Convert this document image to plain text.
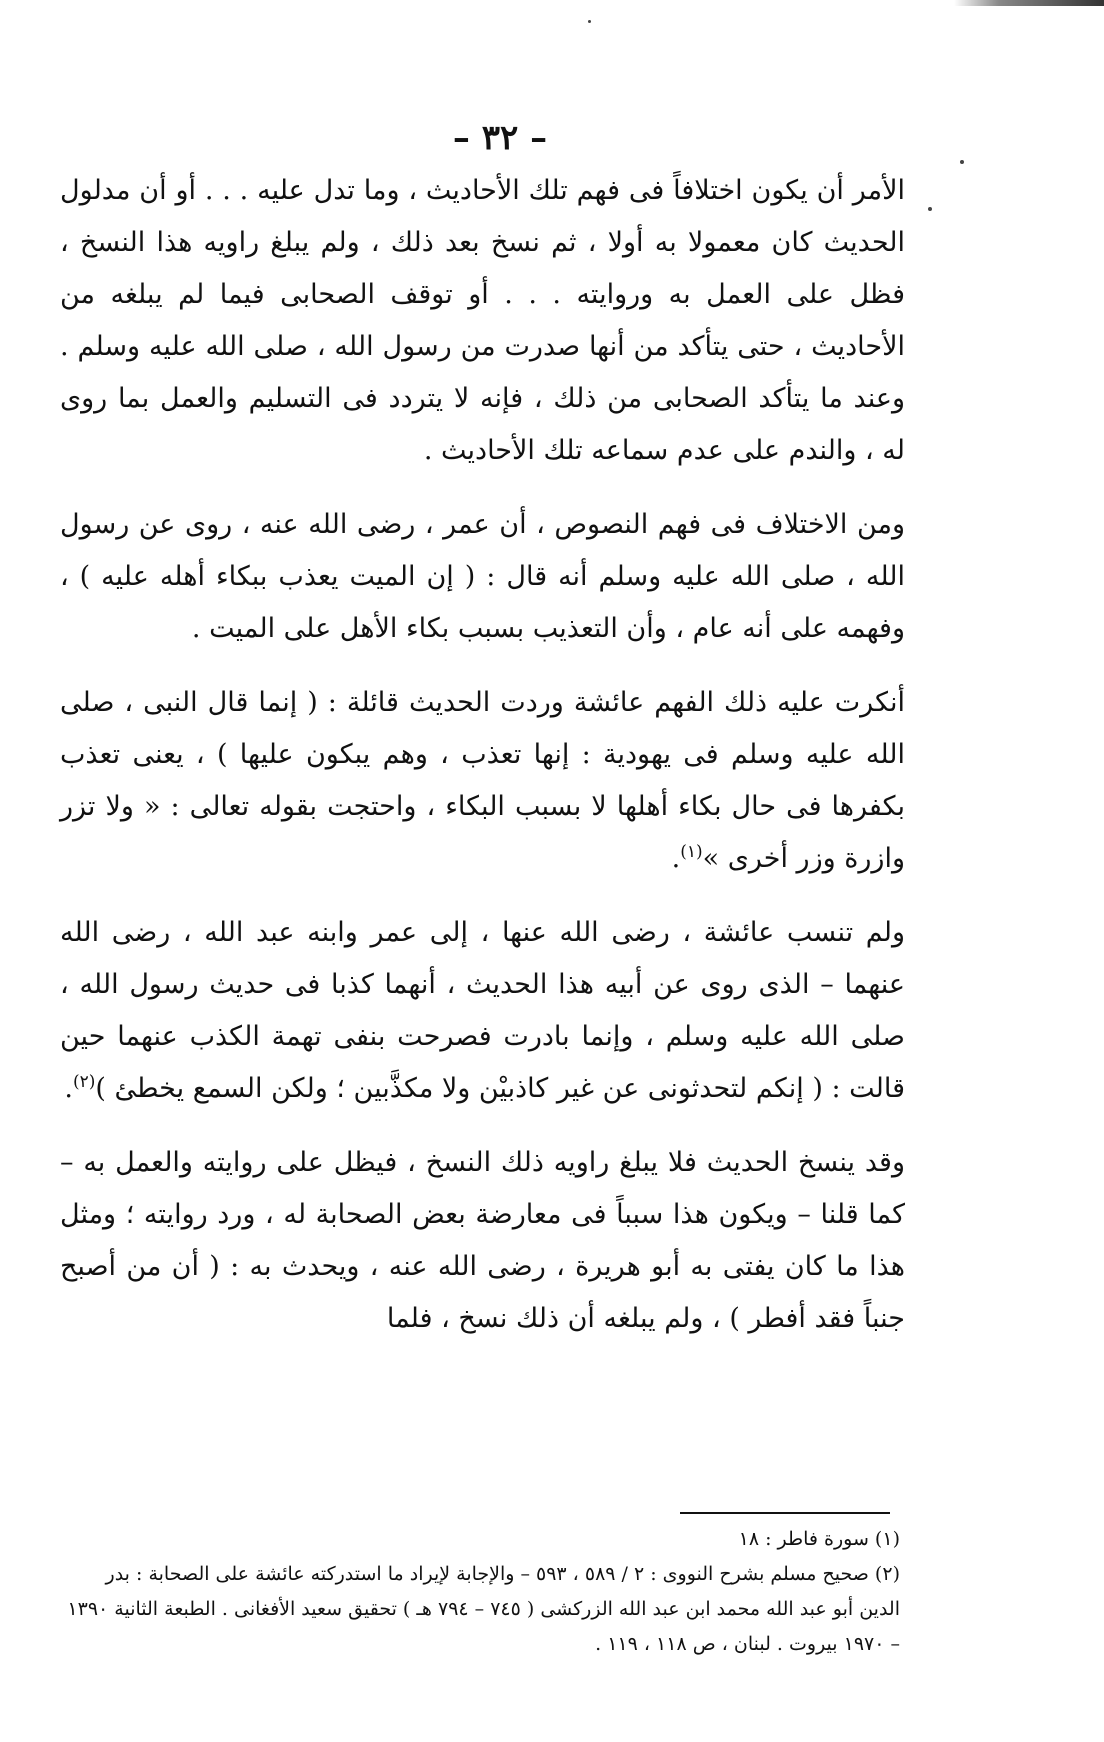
– ٣٢ –

الأمر أن يكون اختلافاً فى فهم تلك الأحاديث ، وما تدل عليه . . . أو أن مدلول الحديث كان معمولا به أولا ، ثم نسخ بعد ذلك ، ولم يبلغ راويه هذا النسخ ، فظل على العمل به وروايته . . . أو توقف الصحابى فيما لم يبلغه من الأحاديث ، حتى يتأكد من أنها صدرت من رسول الله ، صلى الله عليه وسلم . وعند ما يتأكد الصحابى من ذلك ، فإنه لا يتردد فى التسليم والعمل بما روى له ، والندم على عدم سماعه تلك الأحاديث .

ومن الاختلاف فى فهم النصوص ، أن عمر ، رضى الله عنه ، روى عن رسول الله ، صلى الله عليه وسلم أنه قال : ( إن الميت يعذب ببكاء أهله عليه ) ، وفهمه على أنه عام ، وأن التعذيب بسبب بكاء الأهل على الميت .

أنكرت عليه ذلك الفهم عائشة وردت الحديث قائلة : ( إنما قال النبى ، صلى الله عليه وسلم فى يهودية : إنها تعذب ، وهم يبكون عليها ) ، يعنى تعذب بكفرها فى حال بكاء أهلها لا بسبب البكاء ، واحتجت بقوله تعالى : « ولا تزر وازرة وزر أخرى »$^{(١)}$.

ولم تنسب عائشة ، رضى الله عنها ، إلى عمر وابنه عبد الله ، رضى الله عنهما – الذى روى عن أبيه هذا الحديث ، أنهما كذبا فى حديث رسول الله ، صلى الله عليه وسلم ، وإنما بادرت فصرحت بنفى تهمة الكذب عنهما حين قالت : ( إنكم لتحدثونى عن غير كاذبيْن ولا مكذَّبين ؛ ولكن السمع يخطئ )$^{(٢)}$.

وقد ينسخ الحديث فلا يبلغ راويه ذلك النسخ ، فيظل على روايته والعمل به – كما قلنا – ويكون هذا سبباً فى معارضة بعض الصحابة له ، ورد روايته ؛ ومثل هذا ما كان يفتى به أبو هريرة ، رضى الله عنه ، ويحدث به : ( أن من أصبح جنباً فقد أفطر ) ، ولم يبلغه أن ذلك نسخ ، فلما

(١) سورة فاطر : ١٨

(٢) صحيح مسلم بشرح النووى : ٢ / ٥٨٩ ، ٥٩٣ – والإجابة لإيراد ما استدركته عائشة على الصحابة : بدر الدين أبو عبد الله محمد ابن عبد الله الزركشى ( ٧٤٥ – ٧٩٤ هـ ) تحقيق سعيد الأفغانى . الطبعة الثانية ١٣٩٠ – ١٩٧٠ بيروت . لبنان ، ص ١١٨ ، ١١٩ .
